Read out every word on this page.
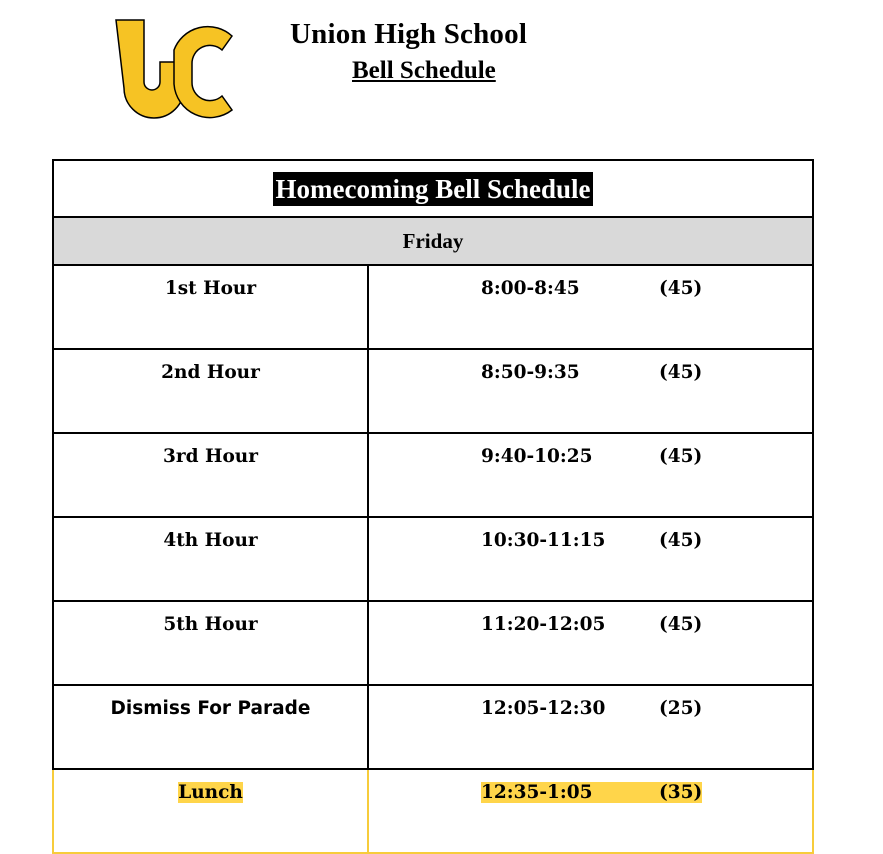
Union High School
Bell Schedule
Homecoming Bell Schedule	
Friday	
1st Hour	8:00-8:45 (45)

2nd Hour	8:50-9:35 (45)

3rd Hour	9:40-10:25 (45)

4th Hour	10:30-11:15 (45)

5th Hour	11:20-12:05 (45)

Dismiss For Parade	12:05-12:30 (25)

Lunch	12:35-1:05 (35)
